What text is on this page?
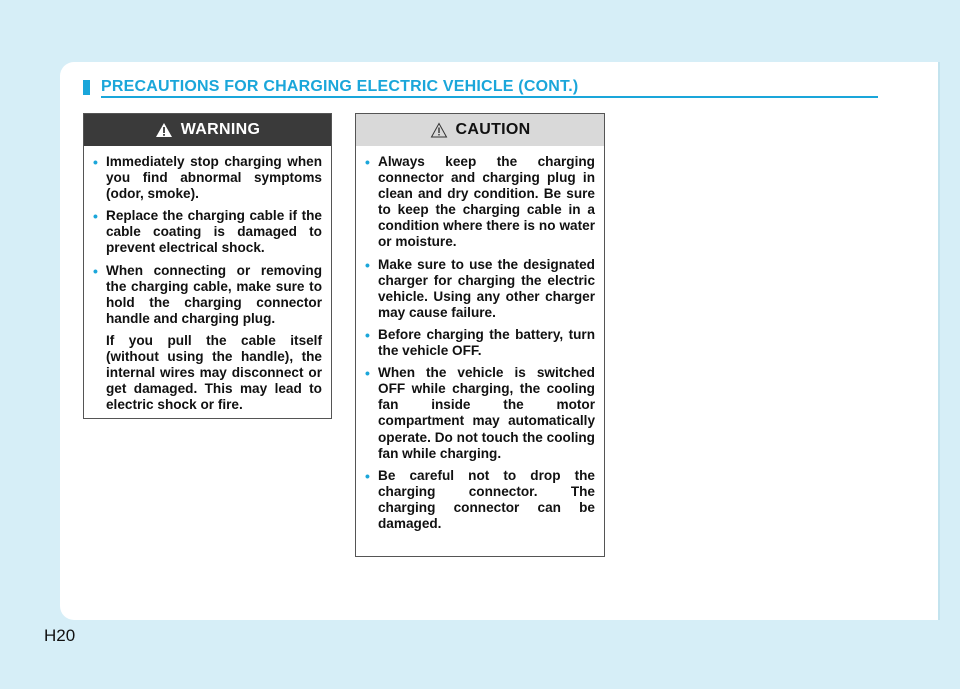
PRECAUTIONS FOR CHARGING ELECTRIC VEHICLE (CONT.)
WARNING
• Immediately stop charging when you find abnormal symptoms (odor, smoke).
• Replace the charging cable if the cable coating is damaged to prevent electrical shock.
• When connecting or removing the charging cable, make sure to hold the charging connector handle and charging plug.
If you pull the cable itself (without using the handle), the internal wires may disconnect or get damaged. This may lead to electric shock or fire.
CAUTION
• Always keep the charging connector and charging plug in clean and dry condition. Be sure to keep the charging cable in a condition where there is no water or moisture.
• Make sure to use the designated charger for charging the electric vehicle. Using any other charger may cause failure.
• Before charging the battery, turn the vehicle OFF.
• When the vehicle is switched OFF while charging, the cooling fan inside the motor compartment may automatically operate. Do not touch the cooling fan while charging.
• Be careful not to drop the charging connector. The charging connector can be damaged.
H20
